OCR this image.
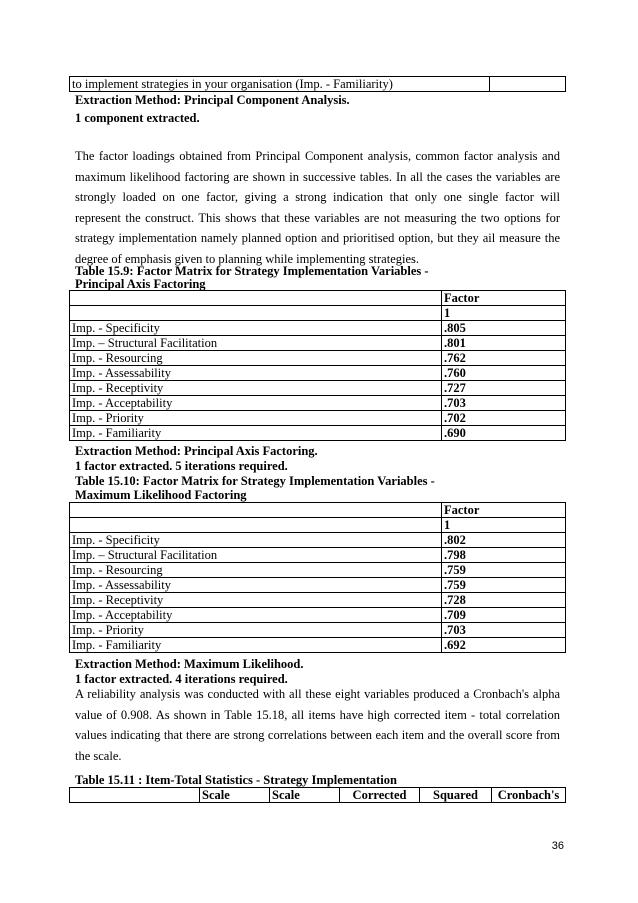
to implement strategies in your organisation (Imp. - Familiarity)	
Extraction Method: Principal Component Analysis.
1 component extracted.
The factor loadings obtained from Principal Component analysis, common factor analysis and maximum likelihood factoring are shown in successive tables. In all the cases the variables are strongly loaded on one factor, giving a strong indication that only one single factor will represent the construct. This shows that these variables are not measuring the two options for strategy implementation namely planned option and prioritised option, but they ail measure the degree of emphasis given to planning while implementing strategies.
Table 15.9: Factor Matrix for Strategy Implementation Variables -
Principal Axis Factoring
	Factor
	1
Imp. - Specificity	.805
Imp. – Structural Facilitation	.801
Imp. - Resourcing	.762
Imp. - Assessability	.760
Imp. - Receptivity	.727
Imp. - Acceptability	.703
Imp. - Priority	.702
Imp. - Familiarity	.690
Extraction Method: Principal Axis Factoring.
1 factor extracted. 5 iterations required.
Table 15.10: Factor Matrix for Strategy Implementation Variables -
Maximum Likelihood Factoring
	Factor
	1
Imp. - Specificity	.802
Imp. – Structural Facilitation	.798
Imp. - Resourcing	.759
Imp. - Assessability	.759
Imp. - Receptivity	.728
Imp. - Acceptability	.709
Imp. - Priority	.703
Imp. - Familiarity	.692
Extraction Method: Maximum Likelihood.
1 factor extracted. 4 iterations required.
A reliability analysis was conducted with all these eight variables produced a Cronbach's alpha value of 0.908. As shown in Table 15.18, all items have high corrected item - total correlation values indicating that there are strong correlations between each item and the overall score from the scale.
Table 15.11 : Item-Total Statistics - Strategy Implementation
	Scale	Scale	Corrected	Squared	Cronbach's
36
